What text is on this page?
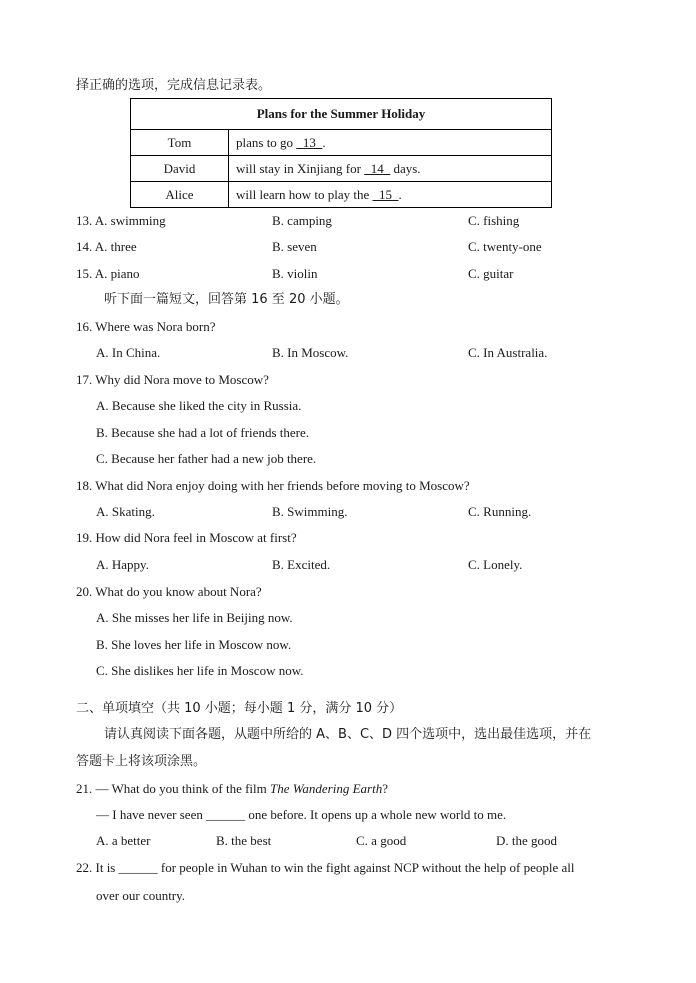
择正确的选项，完成信息记录表。
Plans for the Summer Holiday	
Tom	plans to go   13  .
David	will stay in Xinjiang for   14   days.
Alice	will learn how to play the   15  .
13. A. swimming	B. camping	C. fishing
14. A. three	B. seven	C. twenty-one
15. A. piano	B. violin	C. guitar
听下面一篇短文，回答第 16 至 20 小题。
16. Where was Nora born?
A. In China.	B. In Moscow.	C. In Australia.
17. Why did Nora move to Moscow?
A. Because she liked the city in Russia.
B. Because she had a lot of friends there.
C. Because her father had a new job there.
18. What did Nora enjoy doing with her friends before moving to Moscow?
A. Skating.	B. Swimming.	C. Running.
19. How did Nora feel in Moscow at first?
A. Happy.	B. Excited.	C. Lonely.
20. What do you know about Nora?
A. She misses her life in Beijing now.
B. She loves her life in Moscow now.
C. She dislikes her life in Moscow now.
二、单项填空（共 10 小题；每小题 1 分，满分 10 分）
请认真阅读下面各题，从题中所给的 A、B、C、D 四个选项中，选出最佳选项，并在
答题卡上将该项涂黑。
21. — What do you think of the film The Wandering Earth?
— I have never seen ______ one before. It opens up a whole new world to me.
A. a better	B. the best	C. a good	D. the good
22. It is ______ for people in Wuhan to win the fight against NCP without the help of people all
over our country.
